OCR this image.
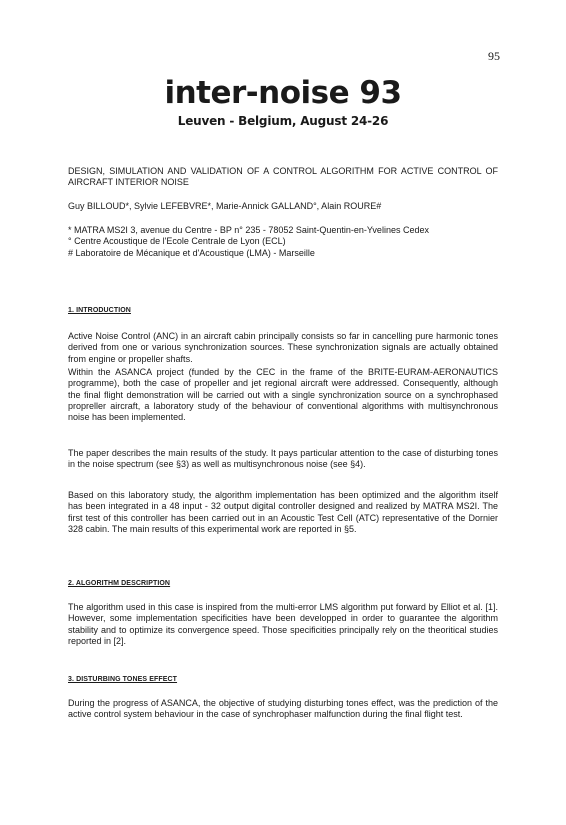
95
inter-noise 93
Leuven - Belgium, August 24-26
DESIGN, SIMULATION AND VALIDATION OF A CONTROL ALGORITHM FOR ACTIVE CONTROL OF AIRCRAFT INTERIOR NOISE
Guy BILLOUD*, Sylvie LEFEBVRE*, Marie-Annick GALLAND°, Alain ROURE#
* MATRA MS2I 3, avenue du Centre - BP n° 235 - 78052 Saint-Quentin-en-Yvelines Cedex
° Centre Acoustique de l'Ecole Centrale de Lyon (ECL)
# Laboratoire de Mécanique et d'Acoustique (LMA) - Marseille
1. INTRODUCTION
Active Noise Control (ANC) in an aircraft cabin principally consists so far in cancelling pure harmonic tones derived from one or various synchronization sources. These synchronization signals are actually obtained from engine or propeller shafts.
Within the ASANCA project (funded by the CEC in the frame of the BRITE-EURAM-AERONAUTICS programme), both the case of propeller and jet regional aircraft were addressed. Consequently, although the final flight demonstration will be carried out with a single synchronization source on a synchrophased propreller aircraft, a laboratory study of the behaviour of conventional algorithms with multisynchronous noise has been implemented.
The paper describes the main results of the study. It pays particular attention to the case of disturbing tones in the noise spectrum (see §3) as well as multisynchronous noise (see §4).
Based on this laboratory study, the algorithm implementation has been optimized and the algorithm itself has been integrated in a 48 input - 32 output digital controller designed and realized by MATRA MS2I. The first test of this controller has been carried out in an Acoustic Test Cell (ATC) representative of the Dornier 328 cabin. The main results of this experimental work are reported in §5.
2. ALGORITHM DESCRIPTION
The algorithm used in this case is inspired from the multi-error LMS algorithm put forward by Elliot et al. [1]. However, some implementation specificities have been developped in order to guarantee the algorithm stability and to optimize its convergence speed. Those specificities principally rely on the theoritical studies reported in [2].
3. DISTURBING TONES EFFECT
During the progress of ASANCA, the objective of studying disturbing tones effect, was the prediction of the active control system behaviour in the case of synchrophaser malfunction during the final flight test.
